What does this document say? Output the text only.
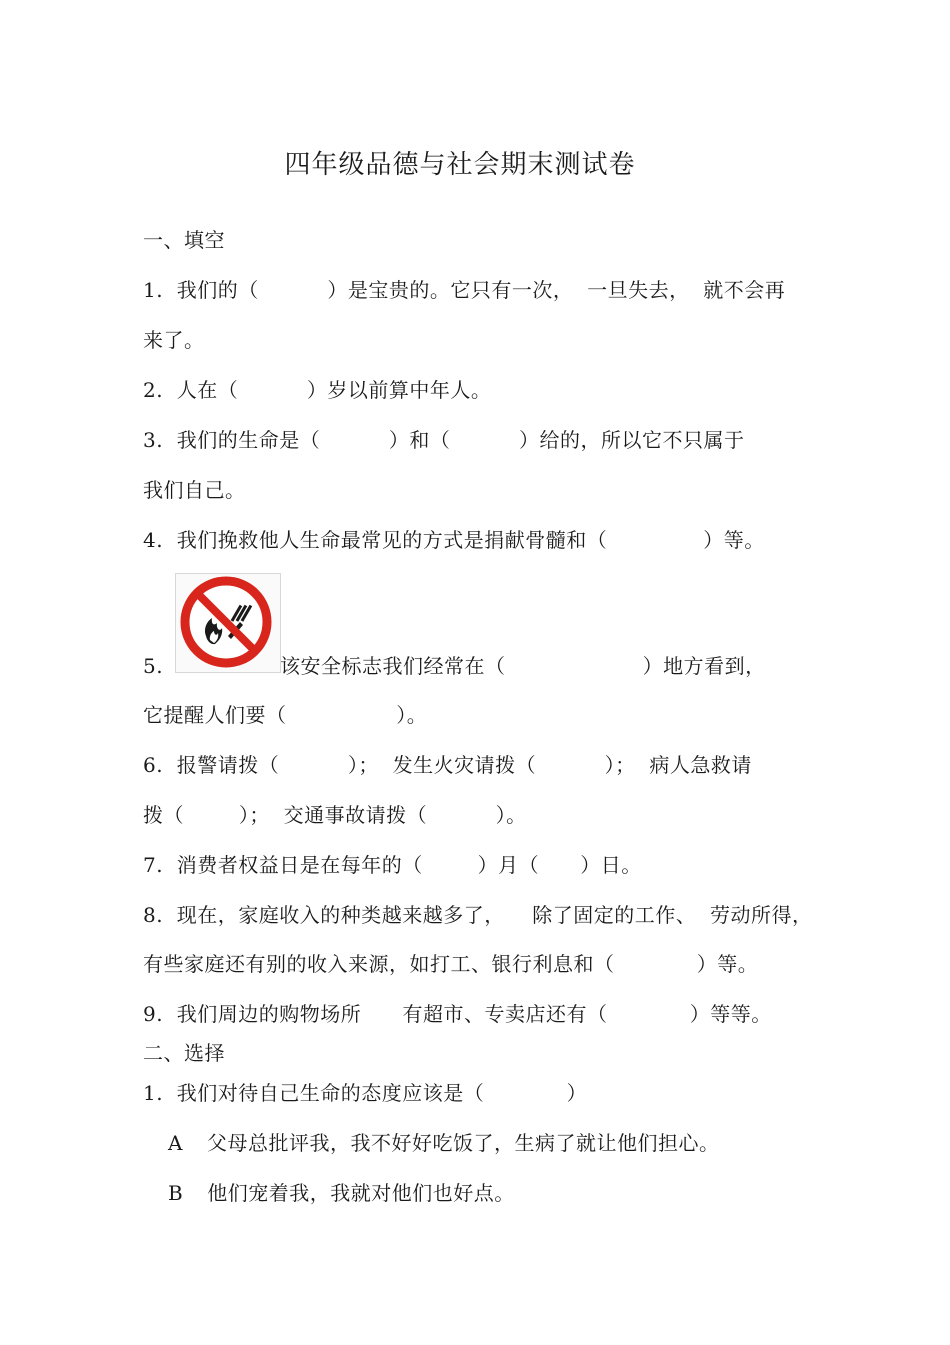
四年级品德与社会期末测试卷
一、填空
1.  我们的（          ）是宝贵的。它只有一次，  一旦失去，  就不会再
来了。
2.  人在（          ）岁以前算中年人。
3.  我们的生命是（          ）和（          ）给的，所以它不只属于
我们自己。
4.  我们挽救他人生命最常见的方式是捐献骨髓和（              ）等。
5.	该安全标志我们经常在（                    ）地方看到，
它提醒人们要（                ）。
6.  报警请拨（          ）；  发生火灾请拨（          ）；  病人急救请
拨（        ）；  交通事故请拨（          ）。
7.  消费者权益日是在每年的（        ）月（      ）日。
8.  现在，家庭收入的种类越来越多了，    除了固定的工作、  劳动所得，
有些家庭还有别的收入来源，如打工、银行利息和（            ）等。
9.  我们周边的购物场所      有超市、专卖店还有（            ）等等。
二、选择
1.  我们对待自己生命的态度应该是（            ）
A 父母总批评我，我不好好吃饭了，生病了就让他们担心。
B 他们宠着我，我就对他们也好点。
